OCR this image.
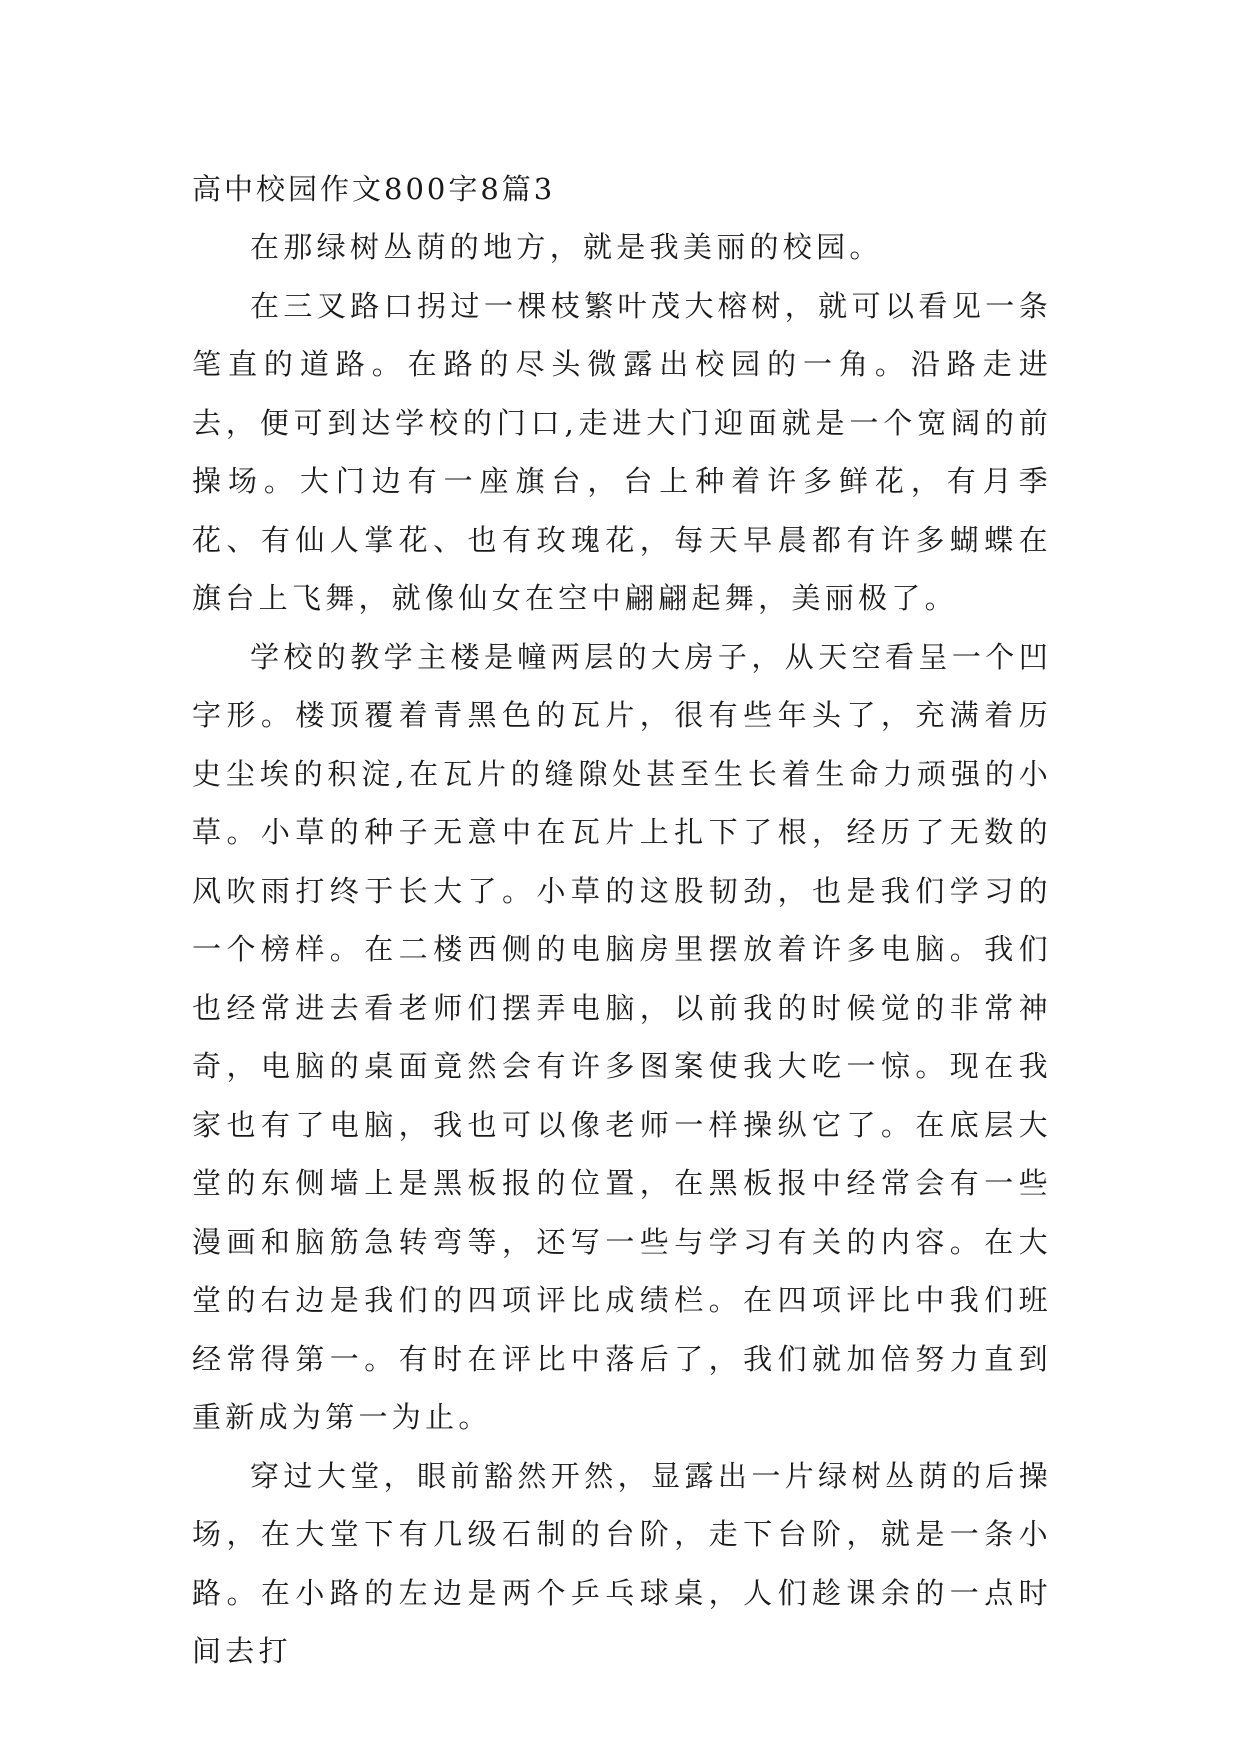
高中校园作文800字8篇3

在那绿树丛荫的地方，就是我美丽的校园。

在三叉路口拐过一棵枝繁叶茂大榕树，就可以看见一条笔直的道路。在路的尽头微露出校园的一角。沿路走进去，便可到达学校的门口,走进大门迎面就是一个宽阔的前操场。大门边有一座旗台，台上种着许多鲜花，有月季花、有仙人掌花、也有玫瑰花，每天早晨都有许多蝴蝶在旗台上飞舞，就像仙女在空中翩翩起舞，美丽极了。

学校的教学主楼是幢两层的大房子，从天空看呈一个凹字形。楼顶覆着青黑色的瓦片，很有些年头了，充满着历史尘埃的积淀,在瓦片的缝隙处甚至生长着生命力顽强的小草。小草的种子无意中在瓦片上扎下了根，经历了无数的风吹雨打终于长大了。小草的这股韧劲，也是我们学习的一个榜样。在二楼西侧的电脑房里摆放着许多电脑。我们也经常进去看老师们摆弄电脑，以前我的时候觉的非常神奇，电脑的桌面竟然会有许多图案使我大吃一惊。现在我家也有了电脑，我也可以像老师一样操纵它了。在底层大堂的东侧墙上是黑板报的位置，在黑板报中经常会有一些漫画和脑筋急转弯等，还写一些与学习有关的内容。在大堂的右边是我们的四项评比成绩栏。在四项评比中我们班经常得第一。有时在评比中落后了，我们就加倍努力直到重新成为第一为止。

穿过大堂，眼前豁然开然，显露出一片绿树丛荫的后操场，在大堂下有几级石制的台阶，走下台阶，就是一条小路。在小路的左边是两个乒乓球桌，人们趁课余的一点时间去打
